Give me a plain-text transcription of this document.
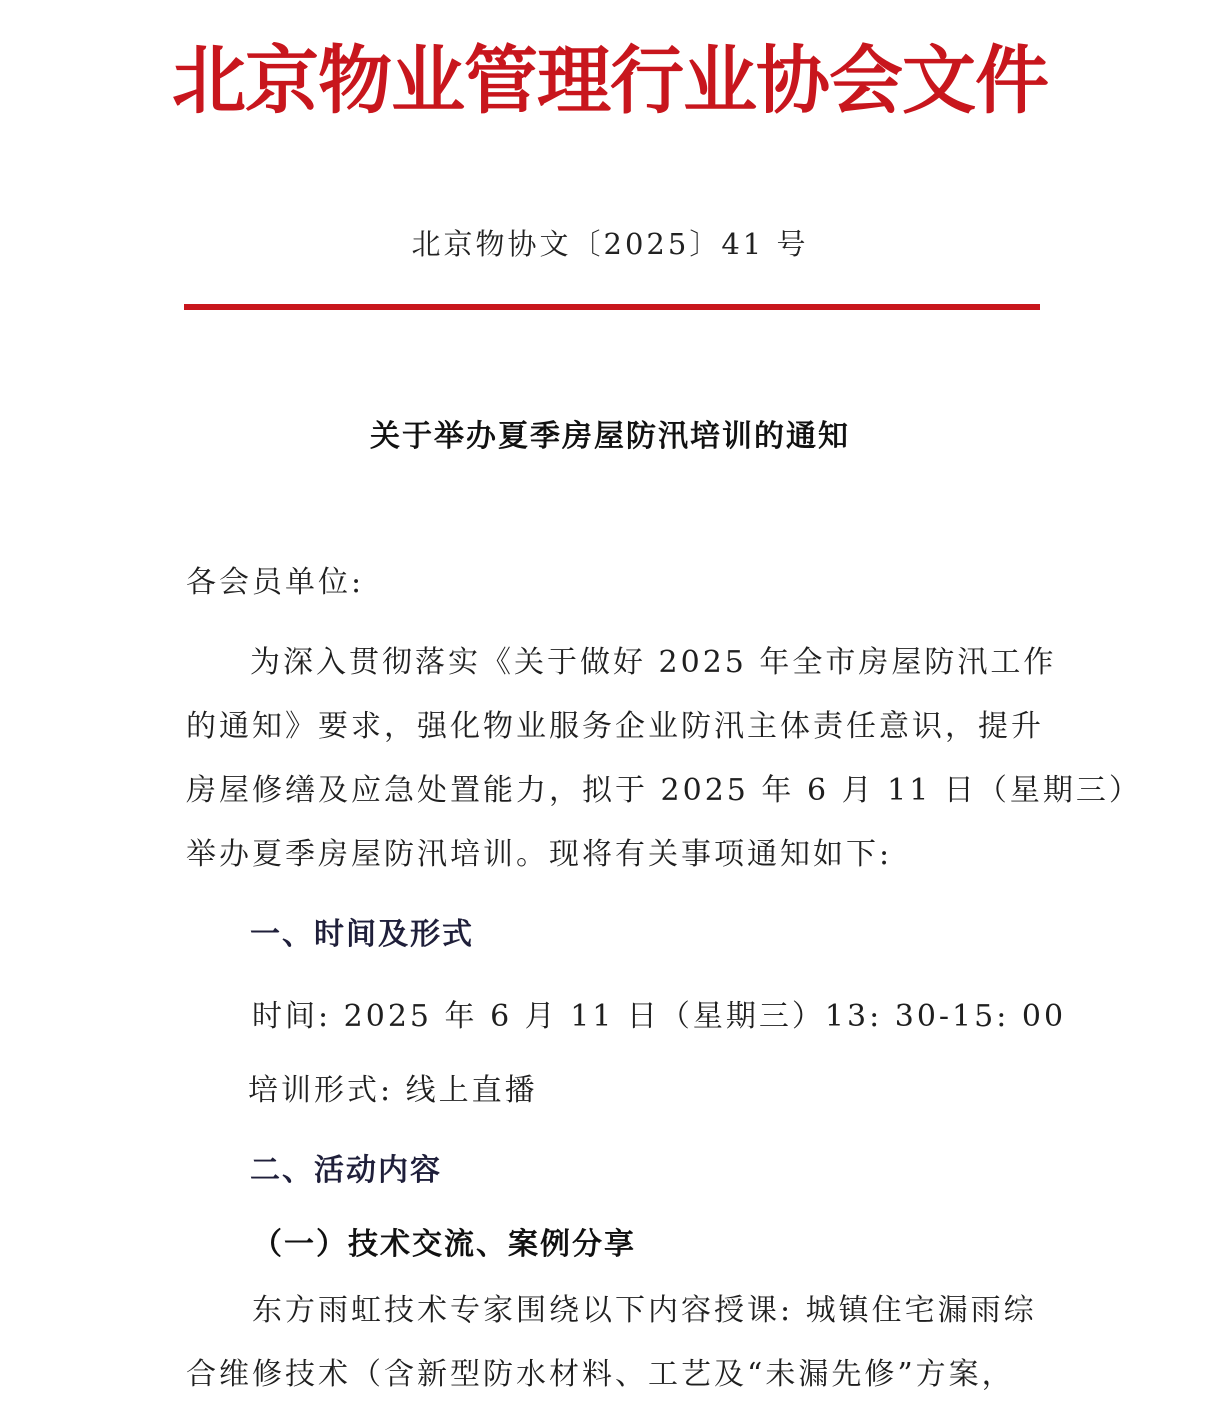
北京物业管理行业协会文件
北京物协文〔2025〕41 号
关于举办夏季房屋防汛培训的通知
各会员单位:
为深入贯彻落实《关于做好 2025 年全市房屋防汛工作
的通知》要求，强化物业服务企业防汛主体责任意识，提升
房屋修缮及应急处置能力，拟于 2025 年 6 月 11 日（星期三）
举办夏季房屋防汛培训。现将有关事项通知如下:
一、时间及形式
时间: 2025 年 6 月 11 日（星期三）13: 30-15: 00
培训形式: 线上直播
二、活动内容
（一）技术交流、案例分享
东方雨虹技术专家围绕以下内容授课: 城镇住宅漏雨综
合维修技术（含新型防水材料、工艺及“未漏先修”方案，
